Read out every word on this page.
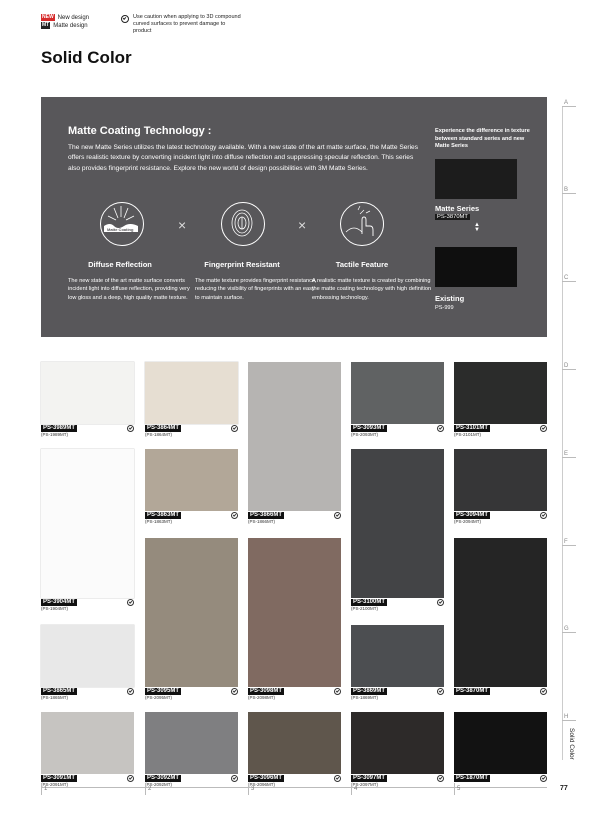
NEW New design
MT Matte design
Use caution when applying to 3D compound curved surfaces to prevent damage to product
Solid Color
Matte Coating Technology :
The new Matte Series utilizes the latest technology available. With a new state of the art matte surface, the Matte Series offers realistic texture by converting incident light into diffuse reflection and suppressing specular reflection. This series also provides fingerprint resistance. Explore the new world of design possibilities with 3M Matte Series.
Matte Coating	×	×
Diffuse Reflection	Fingerprint Resistant	Tactile Feature
The new state of the art matte surface converts incident light into diffuse reflection, providing very low gloss and a deep, high quality matte texture.
The matte texture provides fingerprint resistance, reducing the visibility of fingerprints with an easy to maintain surface.
A realistic matte texture is created by combining the matte coating technology with high definition embossing technology.
Experience the difference in texture between standard series and new Matte Series
Matte Series
PS-3870MT
▲
▼
Existing
PS-999
PS-3989MT
(PS-1989MT)
PS-3864MT
(PS-1864MT)
PS-3093MT
(PS-2093MT)
PS-3101MT
(PS-2101MT)
PS-3863MT
(PS-1863MT)
PS-3866MT
(PS-1866MT)
PS-3094MT
(PS-2094MT)
PS-3904MT
(PS-1904MT)
PS-3100MT
(PS-2100MT)
PS-3865MT
(PS-1865MT)
PS-3095MT
(PS-2095MT)
PS-3098MT
(PS-2098MT)
PS-3869MT
(PS-1869MT)
PS-3870MT
PS-3091MT
(PS-2091MT)
PS-3092MT
(PS-2092MT)
PS-3096MT
(PS-2096MT)
PS-3097MT
(PS-2097MT)
PS-1870MT
A
B
C
D
E
F
G
H
Solid Color
1	2	3	4	5	77
